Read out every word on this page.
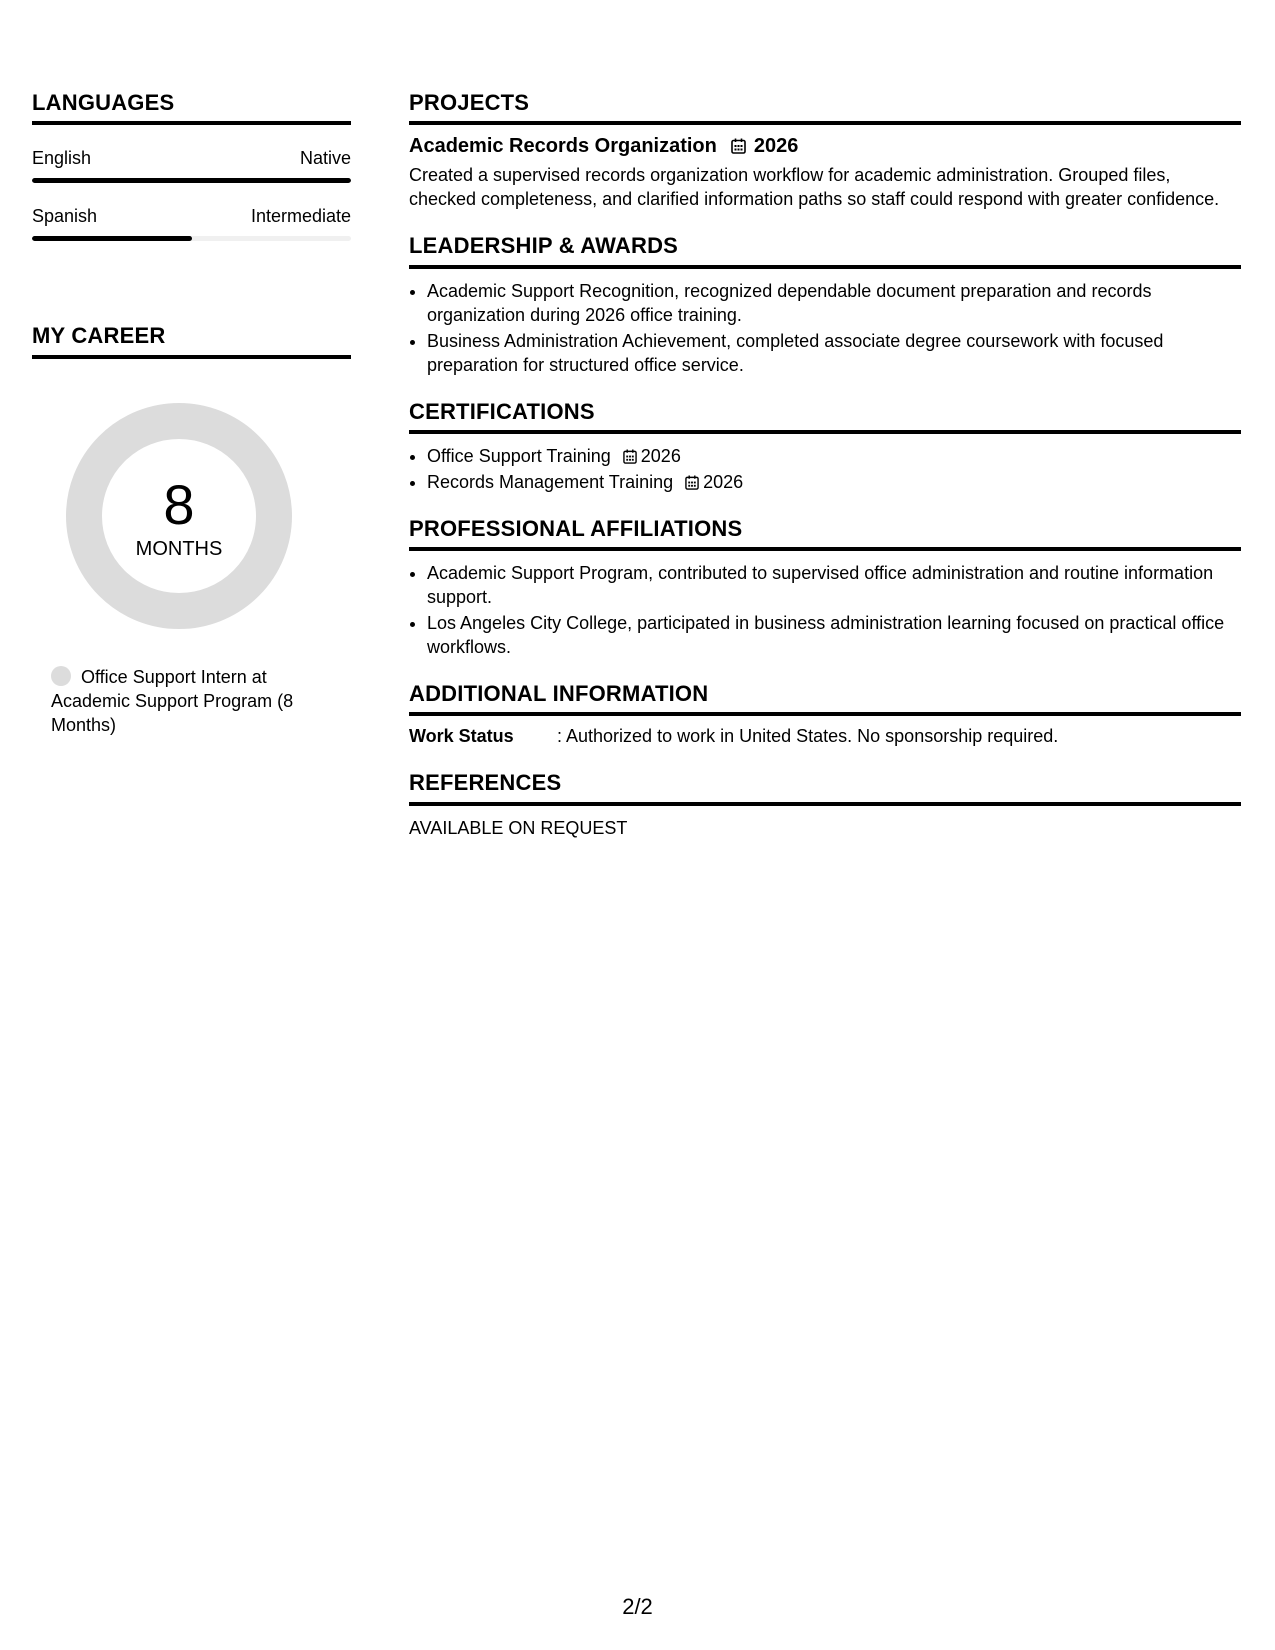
LANGUAGES
English	Native
Spanish	Intermediate
MY CAREER
8
MONTHS
Office Support Intern at Academic Support Program (8 Months)
PROJECTS
Academic Records Organization 2026
Created a supervised records organization workflow for academic administration. Grouped files, checked completeness, and clarified information paths so staff could respond with greater confidence.
LEADERSHIP & AWARDS
• Academic Support Recognition, recognized dependable document preparation and records organization during 2026 office training.
• Business Administration Achievement, completed associate degree coursework with focused preparation for structured office service.
CERTIFICATIONS
• Office Support Training 2026
• Records Management Training 2026
PROFESSIONAL AFFILIATIONS
• Academic Support Program, contributed to supervised office administration and routine information support.
• Los Angeles City College, participated in business administration learning focused on practical office workflows.
ADDITIONAL INFORMATION
Work Status	: Authorized to work in United States. No sponsorship required.
REFERENCES
AVAILABLE ON REQUEST
2/2
